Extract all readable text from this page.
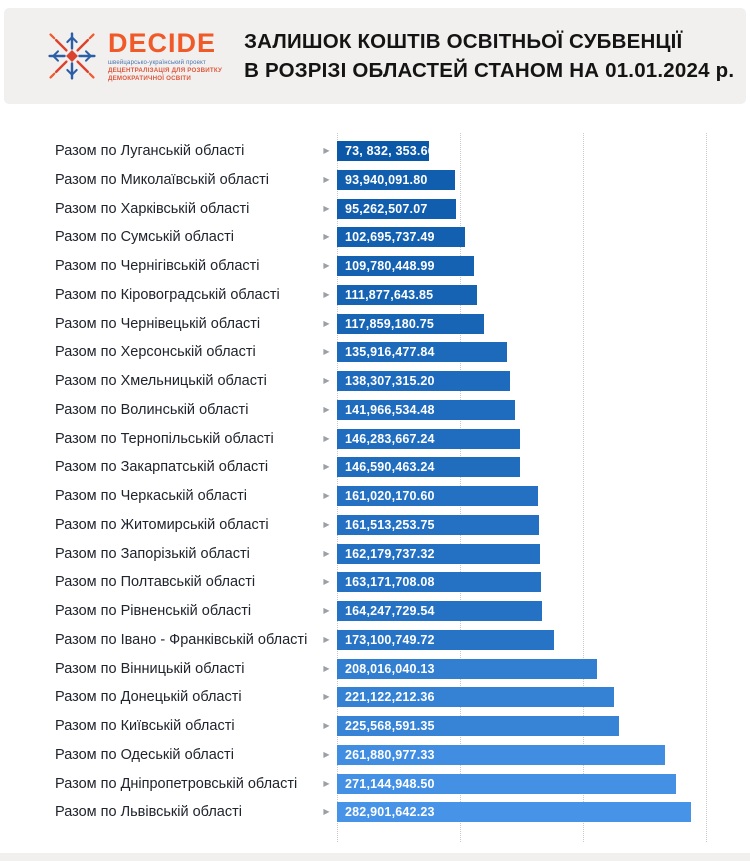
DECIDE
швейцарсько-український проект
ДЕЦЕНТРАЛІЗАЦІЯ ДЛЯ РОЗВИТКУ
ДЕМОКРАТИЧНОЇ ОСВІТИ
ЗАЛИШОК КОШТІВ ОСВІТНЬОЇ СУБВЕНЦІЇ
В РОЗРІЗІ ОБЛАСТЕЙ СТАНОМ НА 01.01.2024 р.
Разом по Луганській області	▶	73, 832, 353.66
Разом по Миколаївській області	▶	93,940,091.80
Разом по Харківській області	▶	95,262,507.07
Разом по Сумській області	▶	102,695,737.49
Разом по Чернігівській області	▶	109,780,448.99
Разом по Кіровоградській області	▶	111,877,643.85
Разом по Чернівецькій області	▶	117,859,180.75
Разом по Херсонській області	▶	135,916,477.84
Разом по Хмельницькій області	▶	138,307,315.20
Разом по Волинській області	▶	141,966,534.48
Разом по Тернопільській області	▶	146,283,667.24
Разом по Закарпатській області	▶	146,590,463.24
Разом по Черкаській області	▶	161,020,170.60
Разом по Житомирській області	▶	161,513,253.75
Разом по Запорізькій області	▶	162,179,737.32
Разом по Полтавській області	▶	163,171,708.08
Разом по Рівненській області	▶	164,247,729.54
Разом по Івано - Франківській області	▶	173,100,749.72
Разом по Вінницькій області	▶	208,016,040.13
Разом по Донецькій області	▶	221,122,212.36
Разом по Київській області	▶	225,568,591.35
Разом по Одеській області	▶	261,880,977.33
Разом по Дніпропетровській області	▶	271,144,948.50
Разом по Львівській області	▶	282,901,642.23
